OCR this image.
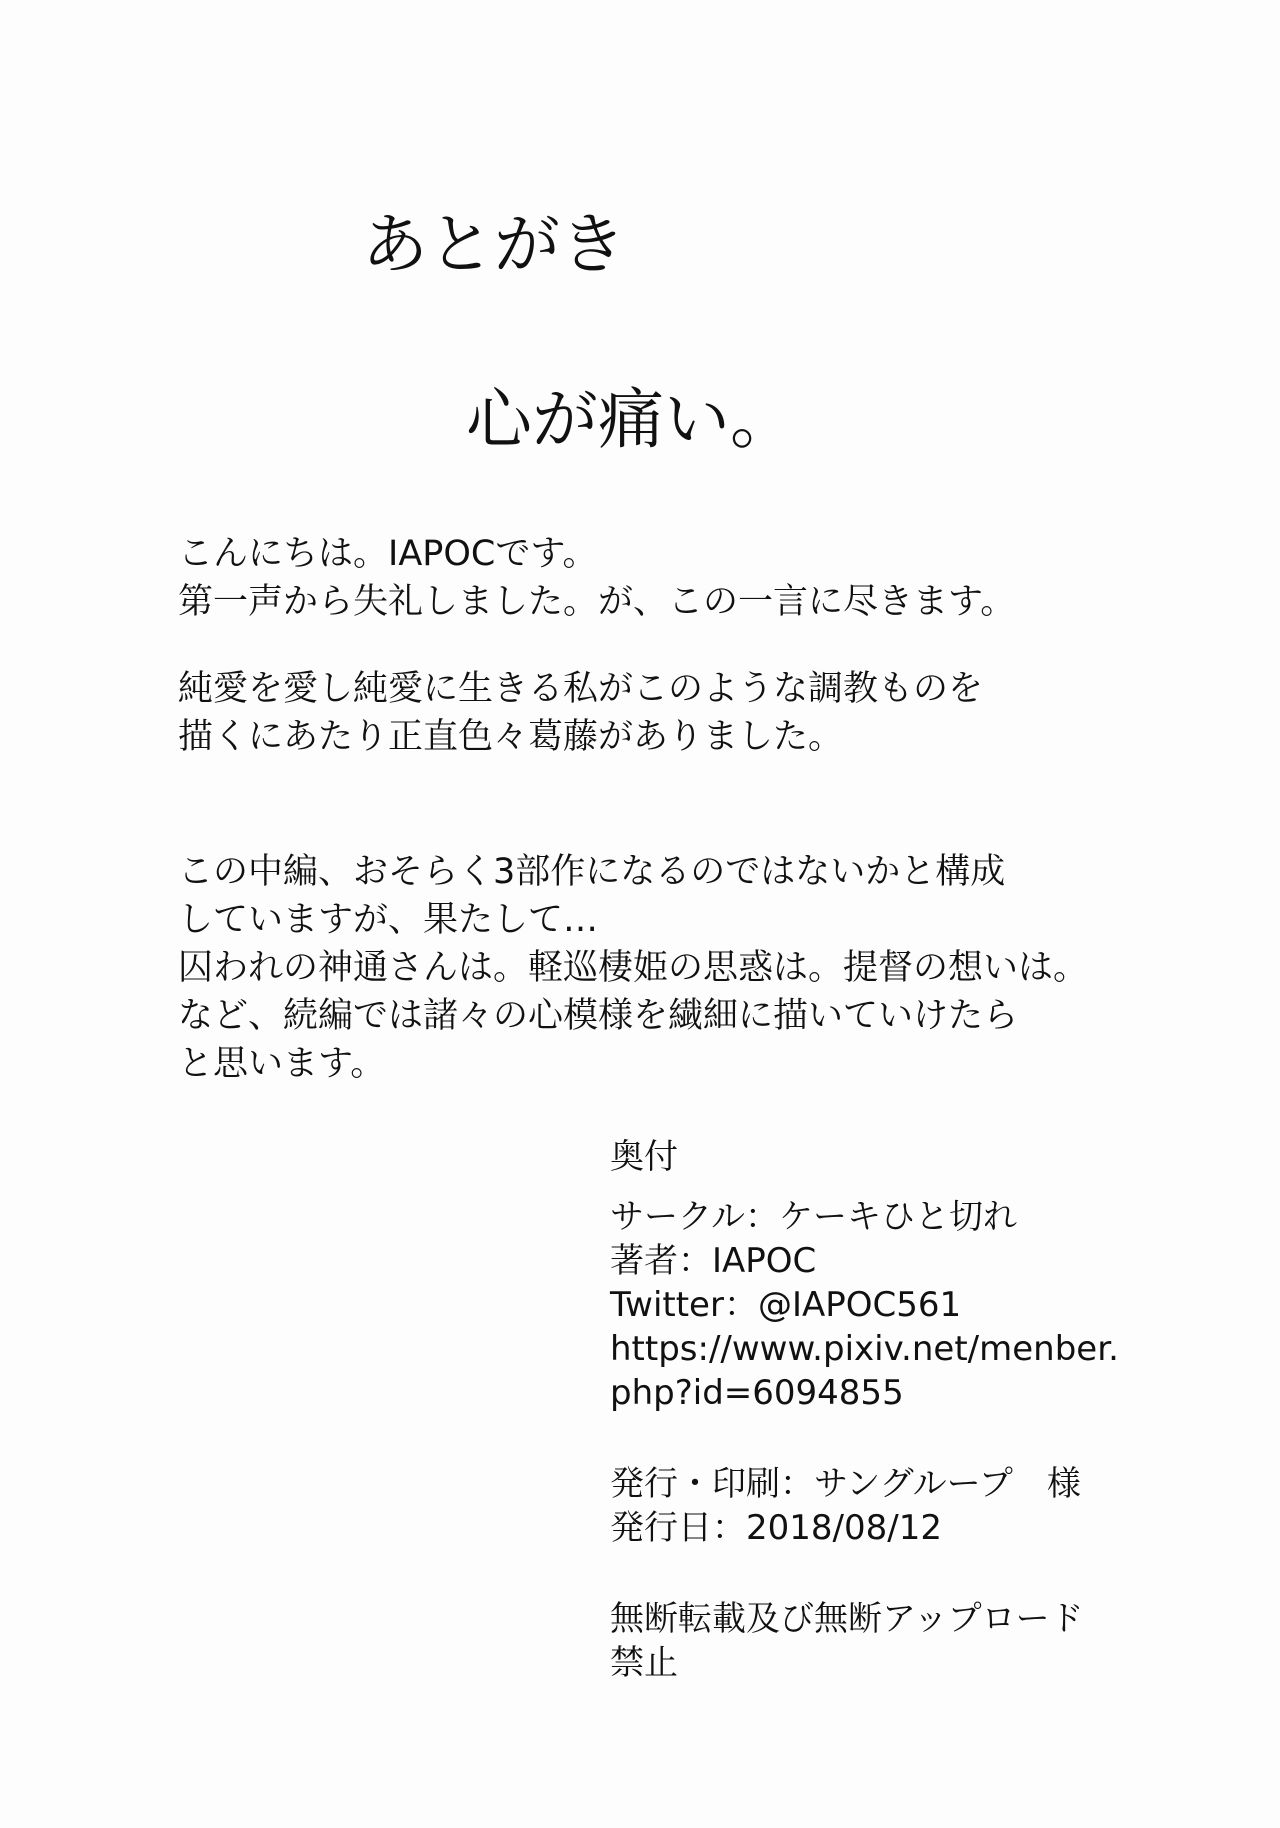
あとがき
心が痛い。

こんにちは。IAPOCです。
第一声から失礼しました。が、この一言に尽きます。

純愛を愛し純愛に生きる私がこのような調教ものを
描くにあたり正直色々葛藤がありました。

この中編、おそらく3部作になるのではないかと構成
していますが、果たして…
囚われの神通さんは。軽巡棲姫の思惑は。提督の想いは。
など、続編では諸々の心模様を繊細に描いていけたら
と思います。

奥付
サークル：ケーキひと切れ
著者：IAPOC
Twitter：@IAPOC561
https://www.pixiv.net/menber.
php?id=6094855
発行・印刷：サングループ　様
発行日：2018/08/12
無断転載及び無断アップロード
禁止
